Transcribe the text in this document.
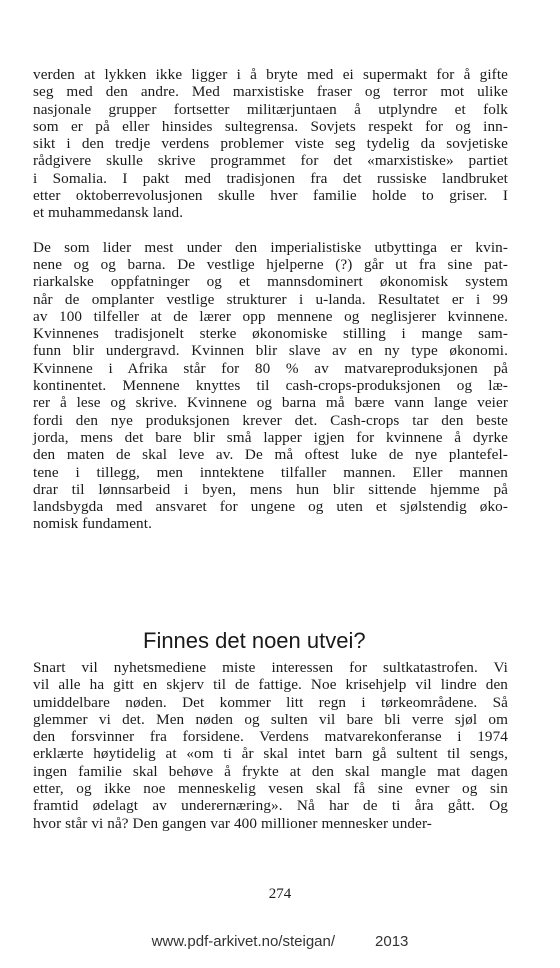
verden at lykken ikke ligger i å bryte med ei supermakt for å gifte
seg med den andre. Med marxistiske fraser og terror mot ulike
nasjonale grupper fortsetter militærjuntaen å utplyndre et folk
som er på eller hinsides sultegrensa. Sovjets respekt for og inn-
sikt i den tredje verdens problemer viste seg tydelig da sovjetiske
rådgivere skulle skrive programmet for det «marxistiske» partiet
i Somalia. I pakt med tradisjonen fra det russiske landbruket
etter oktoberrevolusjonen skulle hver familie holde to griser. I
et muhammedansk land.
De som lider mest under den imperialistiske utbyttinga er kvin-
nene og og barna. De vestlige hjelperne (?) går ut fra sine pat-
riarkalske oppfatninger og et mannsdominert økonomisk system
når de omplanter vestlige strukturer i u-landa. Resultatet er i 99
av 100 tilfeller at de lærer opp mennene og neglisjerer kvinnene.
Kvinnenes tradisjonelt sterke økonomiske stilling i mange sam-
funn blir undergravd. Kvinnen blir slave av en ny type økonomi.
Kvinnene i Afrika står for 80 % av matvareproduksjonen på
kontinentet. Mennene knyttes til cash-crops-produksjonen og læ-
rer å lese og skrive. Kvinnene og barna må bære vann lange veier
fordi den nye produksjonen krever det. Cash-crops tar den beste
jorda, mens det bare blir små lapper igjen for kvinnene å dyrke
den maten de skal leve av. De må oftest luke de nye plantefel-
tene i tillegg, men inntektene tilfaller mannen. Eller mannen
drar til lønnsarbeid i byen, mens hun blir sittende hjemme på
landsbygda med ansvaret for ungene og uten et sjølstendig øko-
nomisk fundament.
Finnes det noen utvei?
Snart vil nyhetsmediene miste interessen for sultkatastrofen. Vi
vil alle ha gitt en skjerv til de fattige. Noe krisehjelp vil lindre den
umiddelbare nøden. Det kommer litt regn i tørkeområdene. Så
glemmer vi det. Men nøden og sulten vil bare bli verre sjøl om
den forsvinner fra forsidene. Verdens matvarekonferanse i 1974
erklærte høytidelig at «om ti år skal intet barn gå sultent til sengs,
ingen familie skal behøve å frykte at den skal mangle mat dagen
etter, og ikke noe menneskelig vesen skal få sine evner og sin
framtid ødelagt av underernæring». Nå har de ti åra gått. Og
hvor står vi nå? Den gangen var 400 millioner mennesker under-
274
www.pdf-arkivet.no/steigan/	2013
